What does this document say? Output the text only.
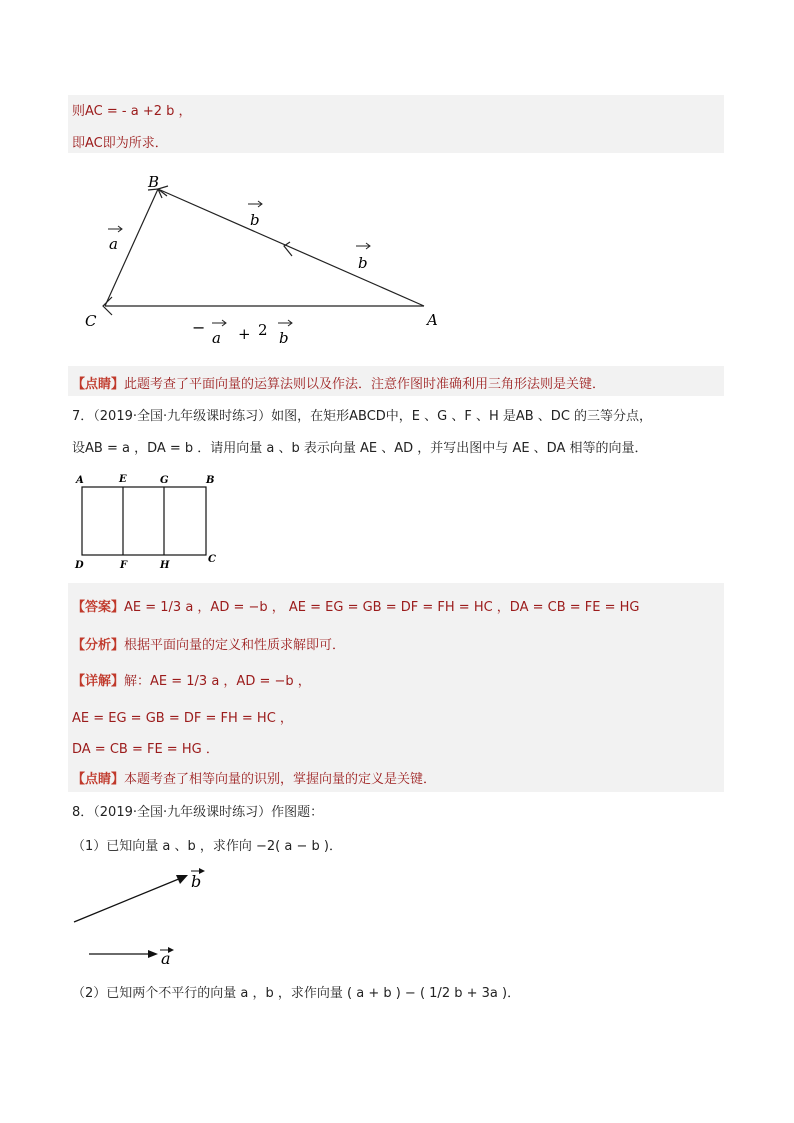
则AC = - a +2 b ，
即AC即为所求．
B
C	A
a
b
b
−
a + 2 b
【点睛】此题考查了平面向量的运算法则以及作法．注意作图时准确利用三角形法则是关键．
7．（2019·全国·九年级课时练习）如图，在矩形ABCD中，E 、G 、F 、H 是AB 、DC 的三等分点，
设AB = a ，DA = b ．请用向量 a 、b 表示向量 AE 、AD ，并写出图中与 AE 、DA 相等的向量．
A	E	G	B
D	F	H
C
【答案】AE = 1/3 a ，AD = −b ， AE = EG = GB = DF = FH = HC ，DA = CB = FE = HG
【分析】根据平面向量的定义和性质求解即可．
【详解】解：AE = 1/3 a ，AD = −b ，
AE = EG = GB = DF = FH = HC ，
DA = CB = FE = HG ．
【点睛】本题考查了相等向量的识别，掌握向量的定义是关键．
8．（2019·全国·九年级课时练习）作图题：
（1）已知向量 a 、b ，求作向 −2( a − b )．
b
a
（2）已知两个不平行的向量 a ，b ，求作向量 ( a + b ) − ( 1/2 b + 3a )．
